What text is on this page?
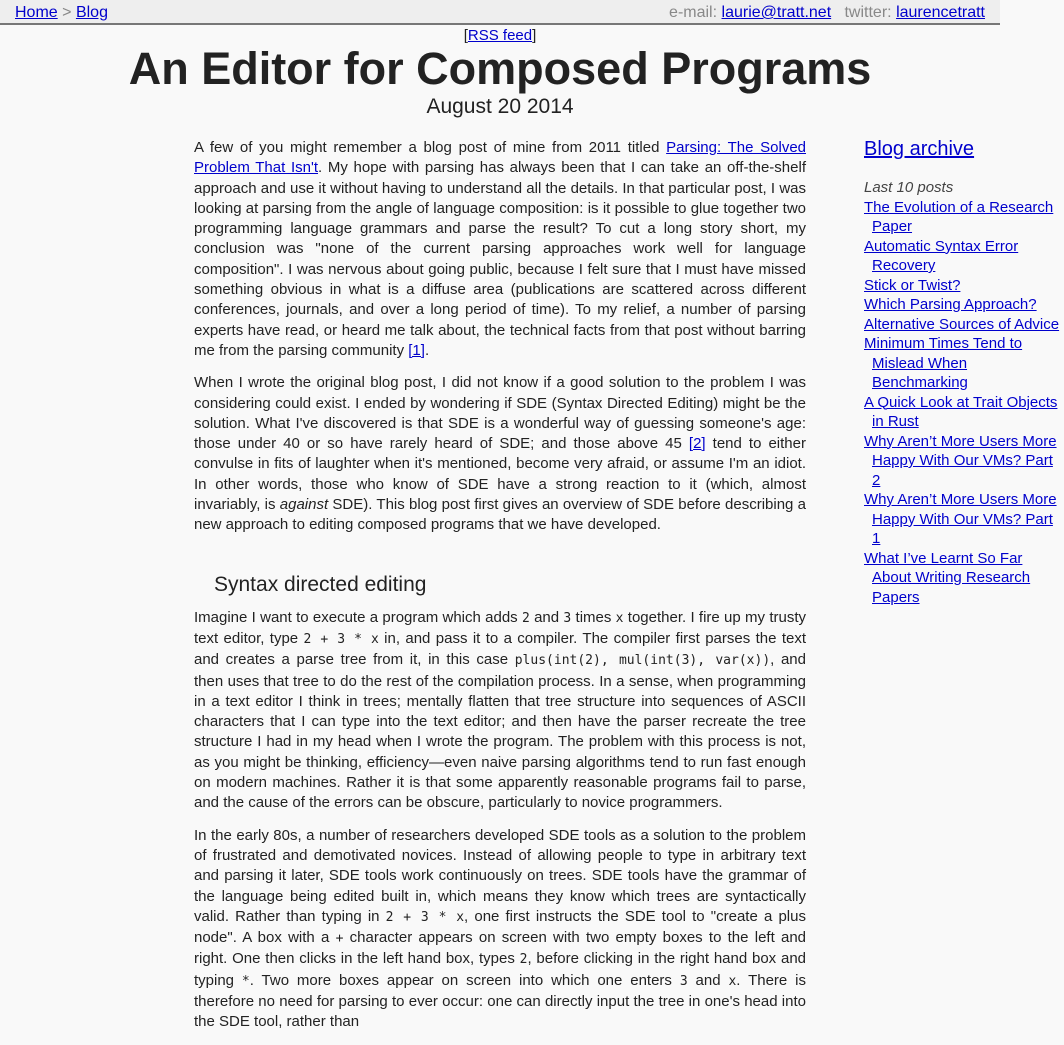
Home > Blog	e-mail: laurie@tratt.net twitter: laurencetratt
[RSS feed]
An Editor for Composed Programs
August 20 2014

A few of you might remember a blog post of mine from 2011 titled Parsing: The Solved Problem That Isn't. My hope with parsing has always been that I can take an off-the-shelf approach and use it without having to understand all the details. In that particular post, I was looking at parsing from the angle of language composition: is it possible to glue together two programming language grammars and parse the result? To cut a long story short, my conclusion was "none of the current parsing approaches work well for language composition". I was nervous about going public, because I felt sure that I must have missed something obvious in what is a diffuse area (publications are scattered across different conferences, journals, and over a long period of time). To my relief, a number of parsing experts have read, or heard me talk about, the technical facts from that post without barring me from the parsing community [1].

When I wrote the original blog post, I did not know if a good solution to the problem I was considering could exist. I ended by wondering if SDE (Syntax Directed Editing) might be the solution. What I've discovered is that SDE is a wonderful way of guessing someone's age: those under 40 or so have rarely heard of SDE; and those above 45 [2] tend to either convulse in fits of laughter when it's mentioned, become very afraid, or assume I'm an idiot. In other words, those who know of SDE have a strong reaction to it (which, almost invariably, is against SDE). This blog post first gives an overview of SDE before describing a new approach to editing composed programs that we have developed.

Syntax directed editing

Imagine I want to execute a program which adds 2 and 3 times x together. I fire up my trusty text editor, type 2 + 3 * x in, and pass it to a compiler. The compiler first parses the text and creates a parse tree from it, in this case plus(int(2), mul(int(3), var(x)), and then uses that tree to do the rest of the compilation process. In a sense, when programming in a text editor I think in trees; mentally flatten that tree structure into sequences of ASCII characters that I can type into the text editor; and then have the parser recreate the tree structure I had in my head when I wrote the program. The problem with this process is not, as you might be thinking, efficiency—even naive parsing algorithms tend to run fast enough on modern machines. Rather it is that some apparently reasonable programs fail to parse, and the cause of the errors can be obscure, particularly to novice programmers.

In the early 80s, a number of researchers developed SDE tools as a solution to the problem of frustrated and demotivated novices. Instead of allowing people to type in arbitrary text and parsing it later, SDE tools work continuously on trees. SDE tools have the grammar of the language being edited built in, which means they know which trees are syntactically valid. Rather than typing in 2 + 3 * x, one first instructs the SDE tool to "create a plus node". A box with a + character appears on screen with two empty boxes to the left and right. One then clicks in the left hand box, types 2, before clicking in the right hand box and typing *. Two more boxes appear on screen into which one enters 3 and x. There is therefore no need for parsing to ever occur: one can directly input the tree in one's head into the SDE tool, rather than

Blog archive
Last 10 posts
The Evolution of a Research Paper
Automatic Syntax Error Recovery
Stick or Twist?
Which Parsing Approach?
Alternative Sources of Advice
Minimum Times Tend to Mislead When Benchmarking
A Quick Look at Trait Objects in Rust
Why Aren’t More Users More Happy With Our VMs? Part 2
Why Aren’t More Users More Happy With Our VMs? Part 1
What I’ve Learnt So Far About Writing Research Papers
